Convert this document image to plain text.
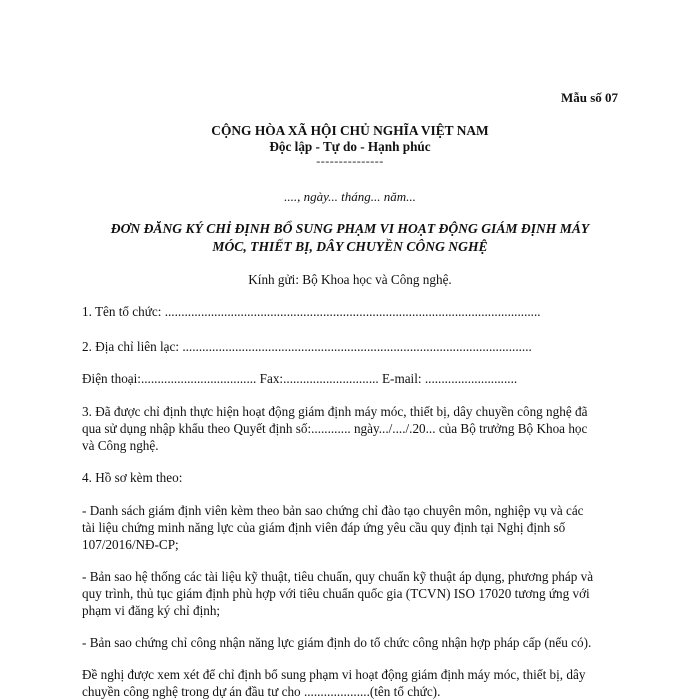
Mẫu số 07
CỘNG HÒA XÃ HỘI CHỦ NGHĨA VIỆT NAM
Độc lập - Tự do - Hạnh phúc
---------------
...., ngày... tháng... năm...
ĐƠN ĐĂNG KÝ CHỈ ĐỊNH BỔ SUNG PHẠM VI HOẠT ĐỘNG GIÁM ĐỊNH MÁY
MÓC, THIẾT BỊ, DÂY CHUYỀN CÔNG NGHỆ
Kính gửi: Bộ Khoa học và Công nghệ.
1. Tên tổ chức: ..................................................................................................................
2. Địa chỉ liên lạc: ..........................................................................................................
Điện thoại:................................... Fax:............................. E-mail: ............................
3. Đã được chỉ định thực hiện hoạt động giám định máy móc, thiết bị, dây chuyền công nghệ đã
qua sử dụng nhập khẩu theo Quyết định số:............ ngày.../..../.20... của Bộ trưởng Bộ Khoa học
và Công nghệ.
4. Hồ sơ kèm theo:
- Danh sách giám định viên kèm theo bản sao chứng chỉ đào tạo chuyên môn, nghiệp vụ và các
tài liệu chứng minh năng lực của giám định viên đáp ứng yêu cầu quy định tại Nghị định số
107/2016/NĐ-CP;
- Bản sao hệ thống các tài liệu kỹ thuật, tiêu chuẩn, quy chuẩn kỹ thuật áp dụng, phương pháp và
quy trình, thủ tục giám định phù hợp với tiêu chuẩn quốc gia (TCVN) ISO 17020 tương ứng với
phạm vi đăng ký chỉ định;
- Bản sao chứng chỉ công nhận năng lực giám định do tổ chức công nhận hợp pháp cấp (nếu có).
Đề nghị được xem xét để chỉ định bổ sung phạm vi hoạt động giám định máy móc, thiết bị, dây
chuyền công nghệ trong dự án đầu tư cho ....................(tên tổ chức).
